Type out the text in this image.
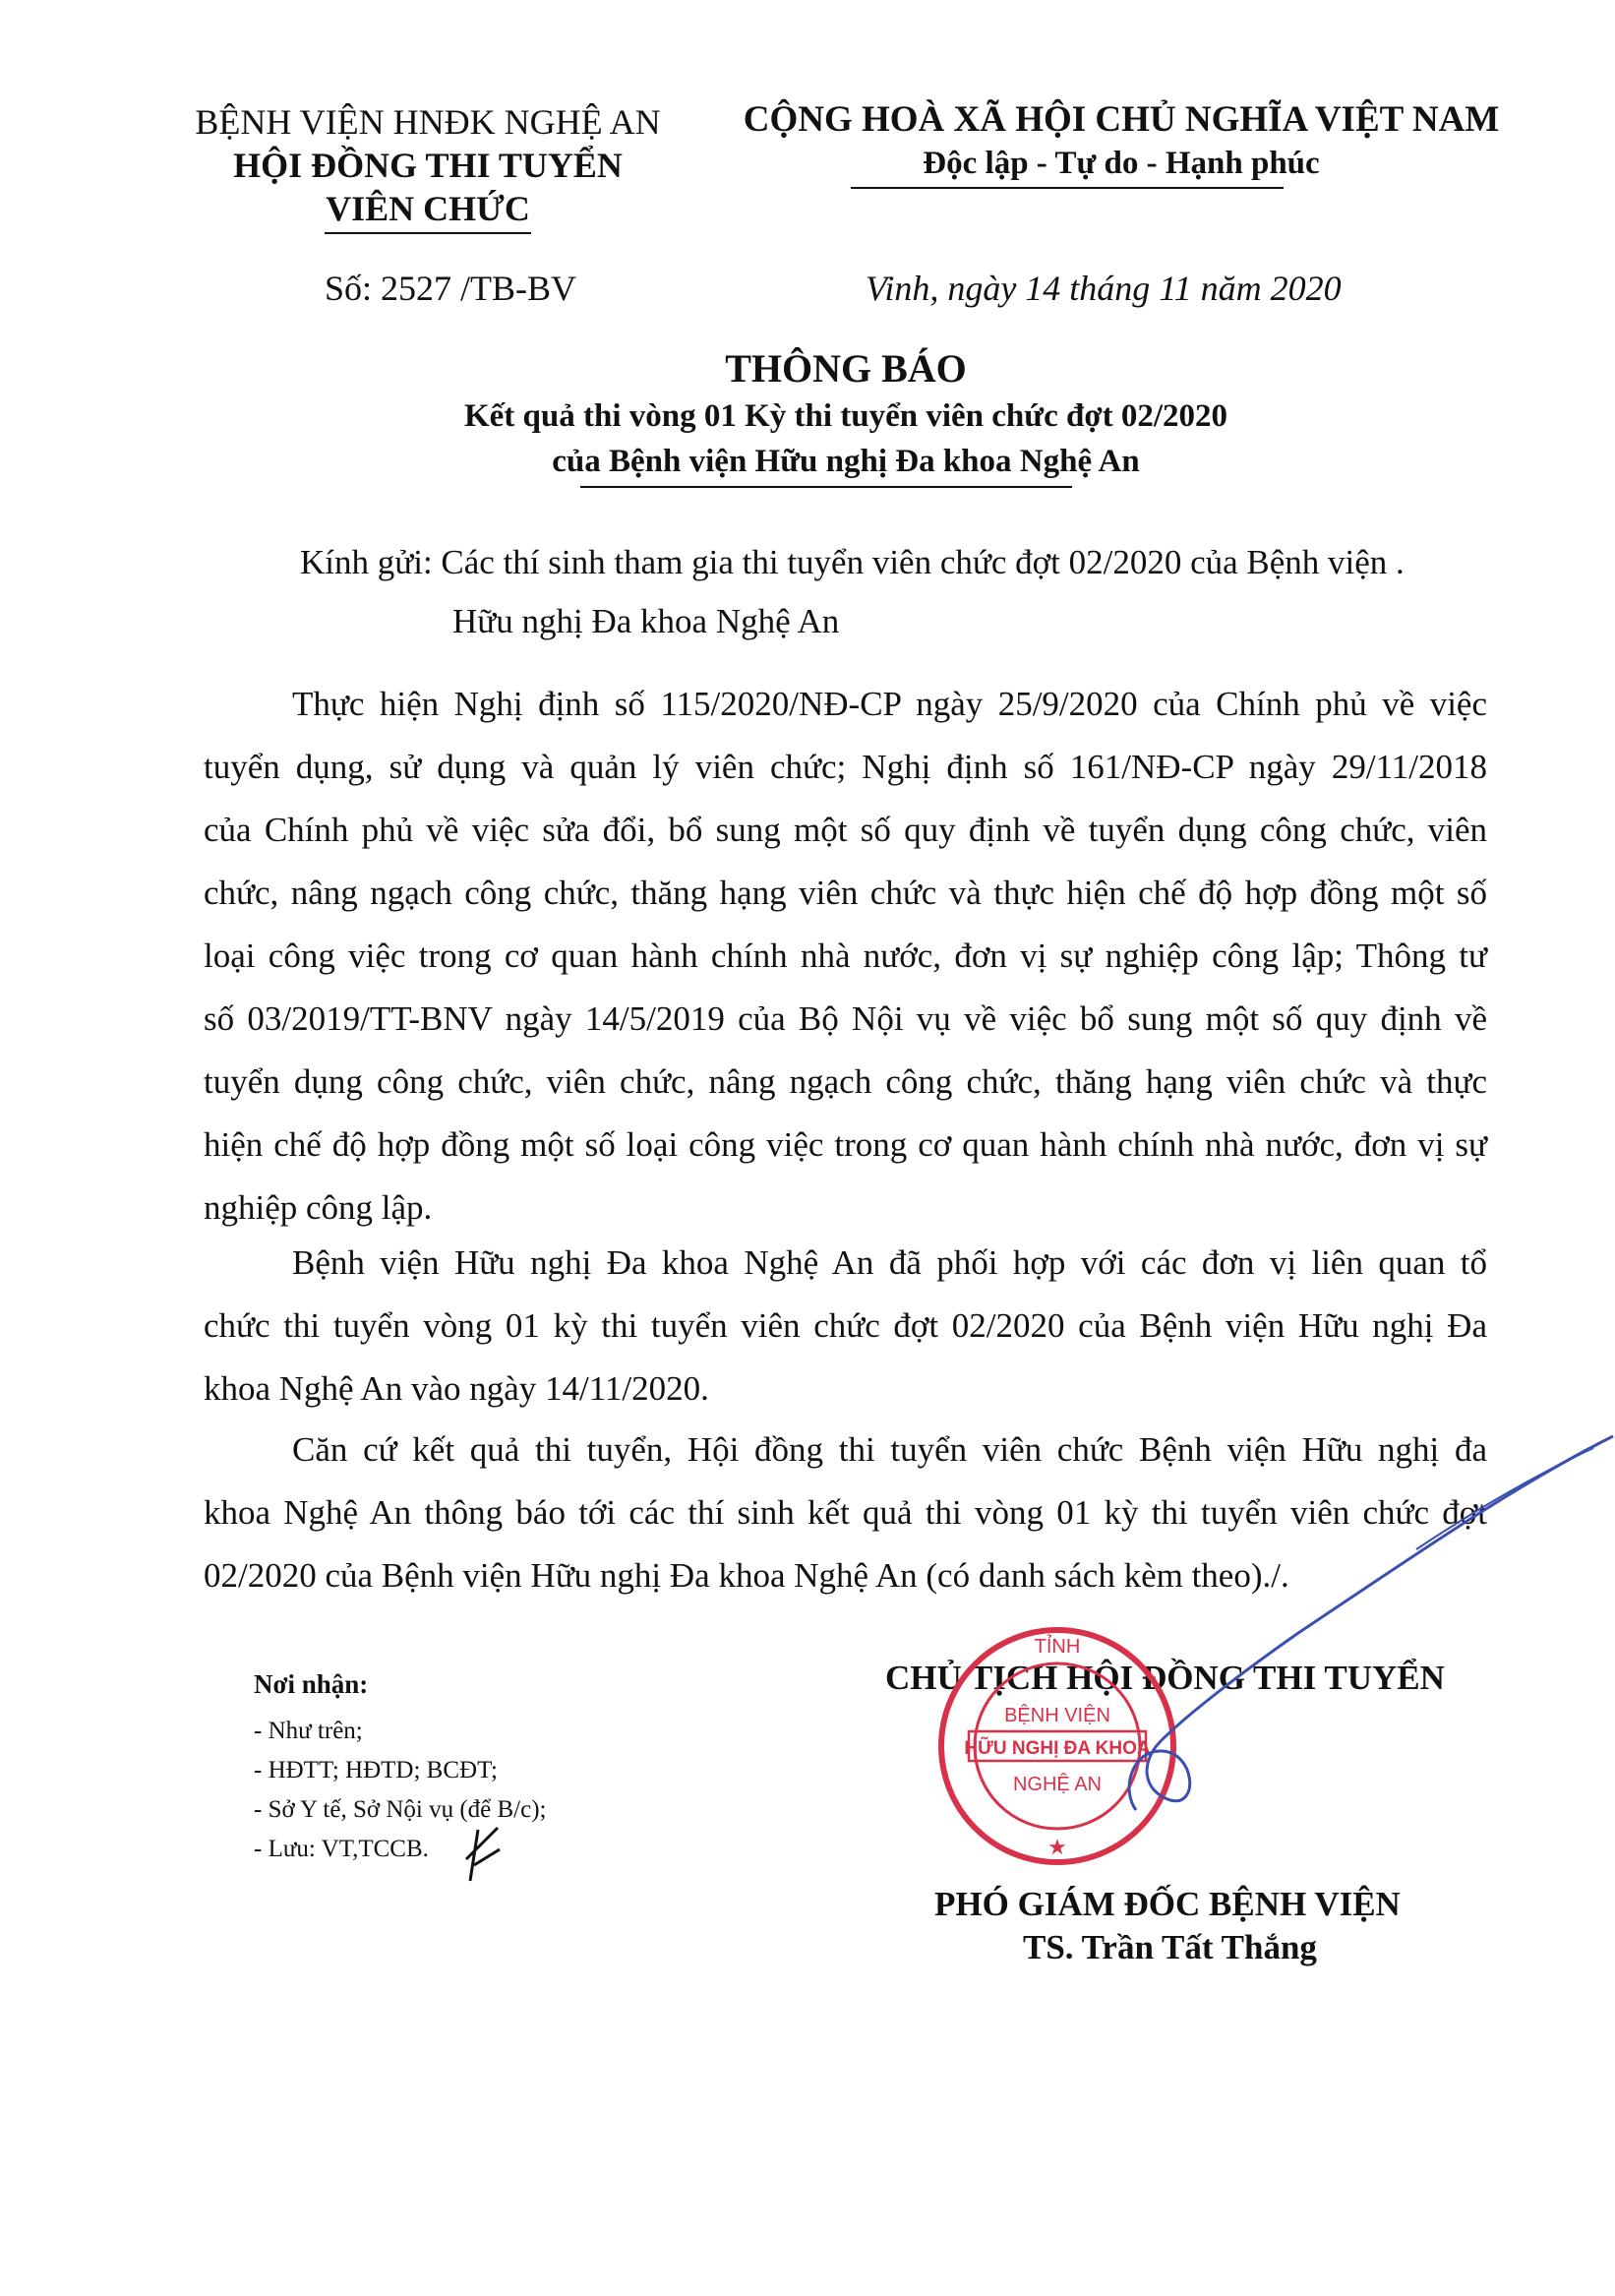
BỆNH VIỆN HNĐK NGHỆ AN
HỘI ĐỒNG THI TUYỂN
VIÊN CHỨC
CỘNG HOÀ XÃ HỘI CHỦ NGHĨA VIỆT NAM
Độc lập - Tự do - Hạnh phúc
Số: 2527 /TB-BV	Vinh, ngày 14 tháng 11 năm 2020
THÔNG BÁO
Kết quả thi vòng 01 Kỳ thi tuyển viên chức đợt 02/2020
của Bệnh viện Hữu nghị Đa khoa Nghệ An
Kính gửi: Các thí sinh tham gia thi tuyển viên chức đợt 02/2020 của Bệnh viện .
Hữu nghị Đa khoa Nghệ An
Thực hiện Nghị định số 115/2020/NĐ-CP ngày 25/9/2020 của Chính phủ về việc
tuyển dụng, sử dụng và quản lý viên chức; Nghị định số 161/NĐ-CP ngày 29/11/2018
của Chính phủ về việc sửa đổi, bổ sung một số quy định về tuyển dụng công chức, viên
chức, nâng ngạch công chức, thăng hạng viên chức và thực hiện chế độ hợp đồng một số
loại công việc trong cơ quan hành chính nhà nước, đơn vị sự nghiệp công lập; Thông tư
số 03/2019/TT-BNV ngày 14/5/2019 của Bộ Nội vụ về việc bổ sung một số quy định về
tuyển dụng công chức, viên chức, nâng ngạch công chức, thăng hạng viên chức và thực
hiện chế độ hợp đồng một số loại công việc trong cơ quan hành chính nhà nước, đơn vị sự
nghiệp công lập.
Bệnh viện Hữu nghị Đa khoa Nghệ An đã phối hợp với các đơn vị liên quan tổ
chức thi tuyển vòng 01 kỳ thi tuyển viên chức đợt 02/2020 của Bệnh viện Hữu nghị Đa
khoa Nghệ An vào ngày 14/11/2020.
Căn cứ kết quả thi tuyển, Hội đồng thi tuyển viên chức Bệnh viện Hữu nghị đa
khoa Nghệ An thông báo tới các thí sinh kết quả thi vòng 01 kỳ thi tuyển viên chức đợt
02/2020 của Bệnh viện Hữu nghị Đa khoa Nghệ An (có danh sách kèm theo)./.
Nơi nhận:
- Như trên;
- HĐTT; HĐTD; BCĐT;
- Sở Y tế, Sở Nội vụ (để B/c);
- Lưu: VT,TCCB.
CHỦ TỊCH HỘI ĐỒNG THI TUYỂN
TỈNH
BỆNH VIỆN
HỮU NGHỊ ĐA KHOA
NGHỆ AN
★
PHÓ GIÁM ĐỐC BỆNH VIỆN
TS. Trần Tất Thắng
